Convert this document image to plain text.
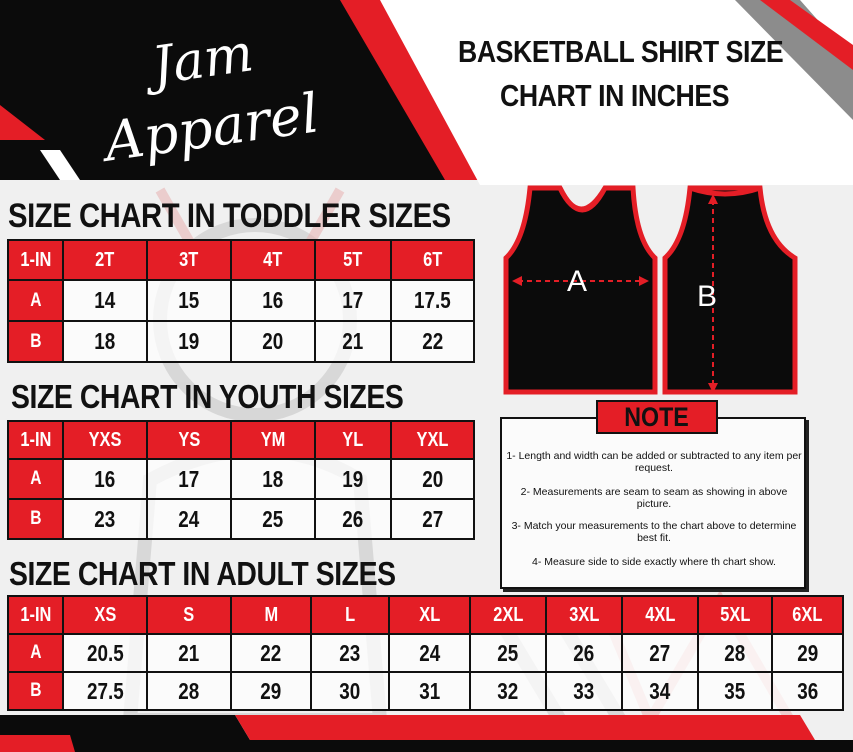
Jam
Apparel
BASKETBALL SHIRT SIZE
CHART IN INCHES
A	B
SIZE CHART IN TODDLER SIZES
1-IN	2T	3T	4T	5T	6T
A	14	15	16	17	17.5
B	18	19	20	21	22
SIZE CHART IN YOUTH SIZES
1-IN	YXS	YS	YM	YL	YXL
A	16	17	18	19	20
B	23	24	25	26	27
NOTE
1- Length and width can be added or subtracted to any item per request.
2- Measurements are seam to seam as showing in above picture.
3- Match your measurements to the chart above to determine best fit.
4- Measure side to side exactly where th chart show.
SIZE CHART IN ADULT SIZES
1-IN	XS	S	M	L	XL	2XL	3XL	4XL	5XL	6XL
A	20.5	21	22	23	24	25	26	27	28	29
B	27.5	28	29	30	31	32	33	34	35	36
